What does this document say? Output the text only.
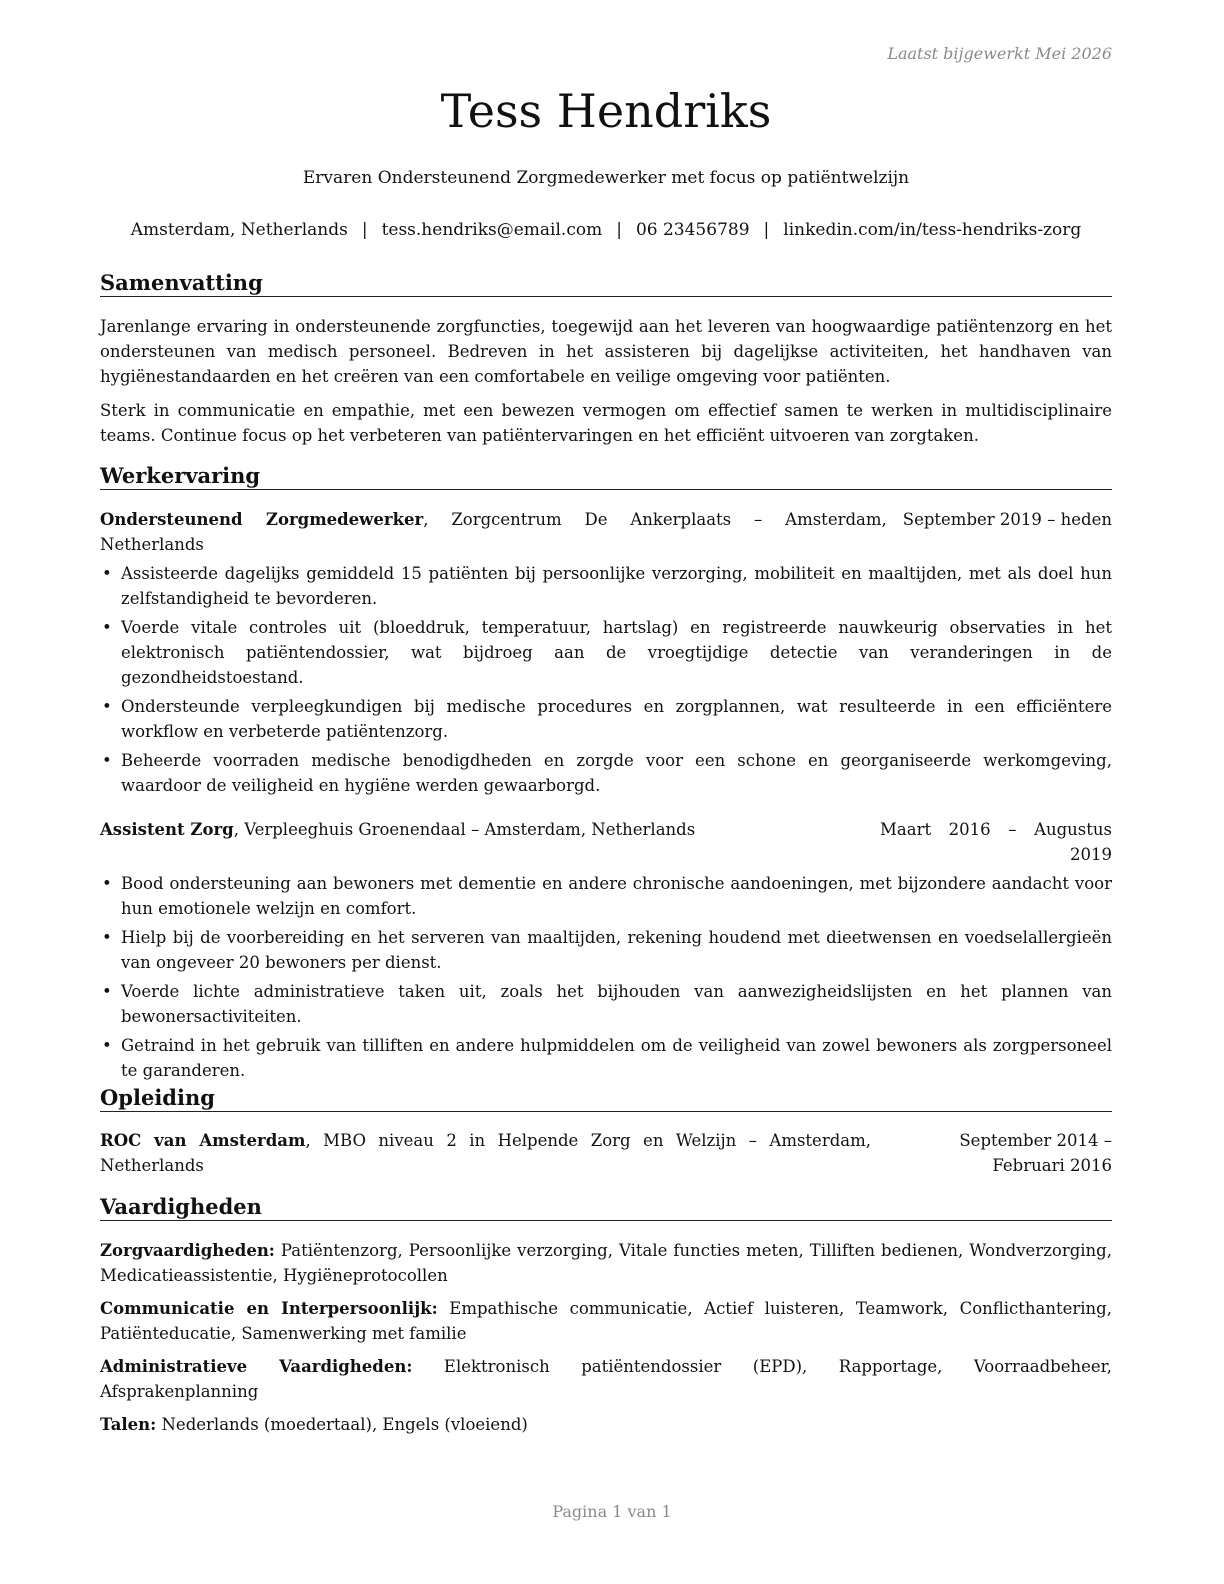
Laatst bijgewerkt Mei 2026
Tess Hendriks
Ervaren Ondersteunend Zorgmedewerker met focus op patiëntwelzijn
Amsterdam, Netherlands | tess.hendriks@email.com | 06 23456789 | linkedin.com/in/tess-hendriks-zorg
Samenvatting

Jarenlange ervaring in ondersteunende zorgfuncties, toegewijd aan het leveren van hoogwaardige patiëntenzorg en het ondersteunen van medisch personeel. Bedreven in het assisteren bij dagelijkse activiteiten, het handhaven van hygiënestandaarden en het creëren van een comfortabele en veilige omgeving voor patiënten.

Sterk in communicatie en empathie, met een bewezen vermogen om effectief samen te werken in multidisciplinaire teams. Continue focus op het verbeteren van patiëntervaringen en het efficiënt uitvoeren van zorgtaken.

Werkervaring
Ondersteunend Zorgmedewerker, Zorgcentrum De Ankerplaats – Amsterdam, Netherlands
September 2019 – heden
• Assisteerde dagelijks gemiddeld 15 patiënten bij persoonlijke verzorging, mobiliteit en maaltijden, met als doel hun zelfstandigheid te bevorderen.
• Voerde vitale controles uit (bloeddruk, temperatuur, hartslag) en registreerde nauwkeurig observaties in het elektronisch patiëntendossier, wat bijdroeg aan de vroegtijdige detectie van veranderingen in de gezondheidstoestand.
• Ondersteunde verpleegkundigen bij medische procedures en zorgplannen, wat resulteerde in een efficiëntere workflow en verbeterde patiëntenzorg.
• Beheerde voorraden medische benodigdheden en zorgde voor een schone en georganiseerde werkomgeving, waardoor de veiligheid en hygiëne werden gewaarborgd.
Assistent Zorg, Verpleeghuis Groenendaal – Amsterdam, Netherlands	Maart 2016 – Augustus 2019
• Bood ondersteuning aan bewoners met dementie en andere chronische aandoeningen, met bijzondere aandacht voor hun emotionele welzijn en comfort.
• Hielp bij de voorbereiding en het serveren van maaltijden, rekening houdend met dieetwensen en voedselallergieën van ongeveer 20 bewoners per dienst.
• Voerde lichte administratieve taken uit, zoals het bijhouden van aanwezigheidslijsten en het plannen van bewonersactiviteiten.
• Getraind in het gebruik van tilliften en andere hulpmiddelen om de veiligheid van zowel bewoners als zorgpersoneel te garanderen.
Opleiding
ROC van Amsterdam, MBO niveau 2 in Helpende Zorg en Welzijn – Amsterdam, Netherlands
September 2014 – Februari 2016
Vaardigheden

Zorgvaardigheden: Patiëntenzorg, Persoonlijke verzorging, Vitale functies meten, Tilliften bedienen, Wondverzorging, Medicatieassistentie, Hygiëneprotocollen

Communicatie en Interpersoonlijk: Empathische communicatie, Actief luisteren, Teamwork, Conflicthantering, Patiënteducatie, Samenwerking met familie

Administratieve Vaardigheden: Elektronisch patiëntendossier (EPD), Rapportage, Voorraadbeheer, Afsprakenplanning

Talen: Nederlands (moedertaal), Engels (vloeiend)

Pagina 1 van 1
